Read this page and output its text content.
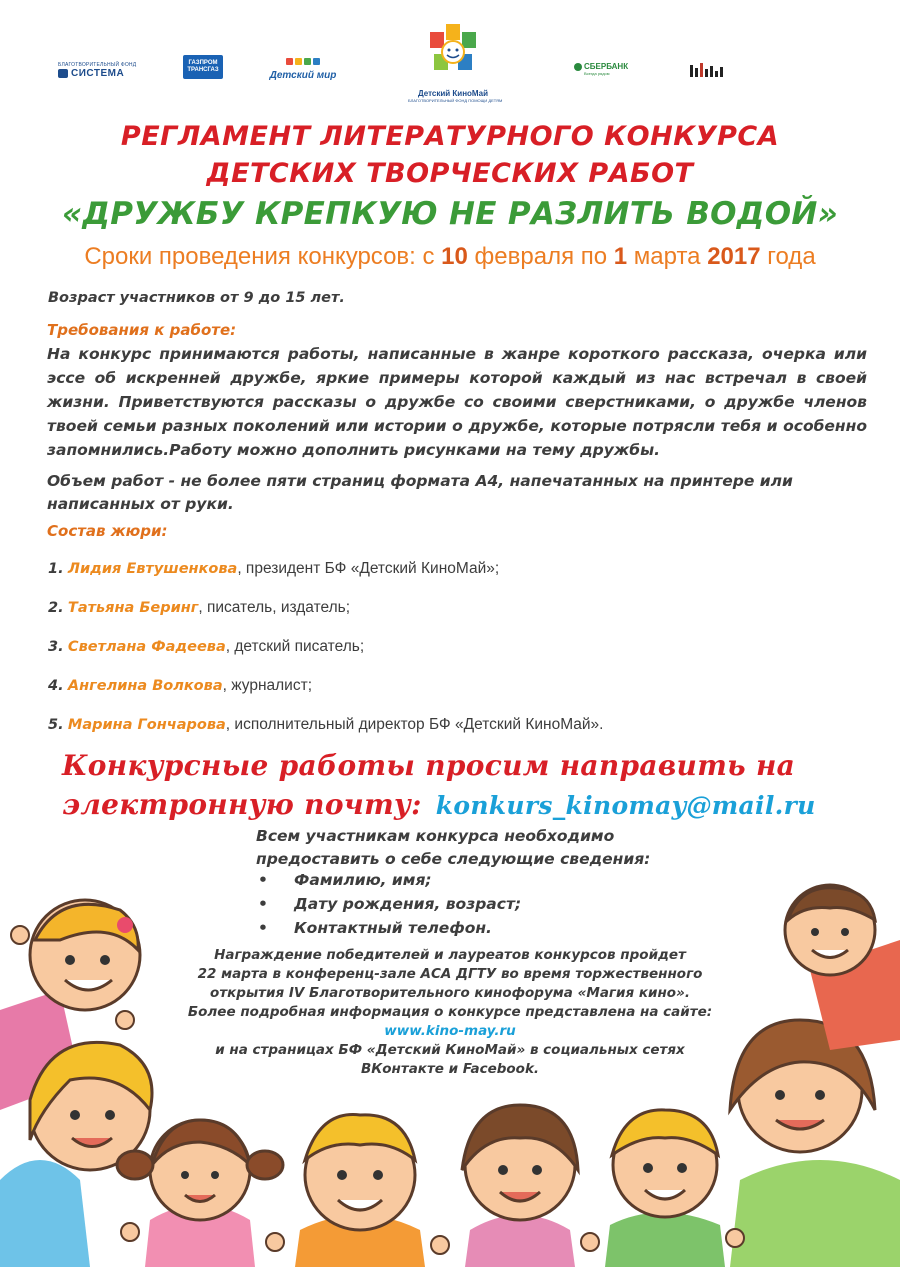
БЛАГОТВОРИТЕЛЬНЫЙ ФОНД
СИСТЕМА
ГАЗПРОМ
ТРАНСГАЗ	Детский мир
Детский КиноМай
БЛАГОТВОРИТЕЛЬНЫЙ ФОНД ПОМОЩИ ДЕТЯМ
СБЕРБАНК
Всегда рядом
РЕГЛАМЕНТ ЛИТЕРАТУРНОГО КОНКУРСА
ДЕТСКИХ ТВОРЧЕСКИХ РАБОТ
«ДРУЖБУ КРЕПКУЮ НЕ РАЗЛИТЬ ВОДОЙ»
Сроки проведения конкурсов: с 10 февраля по 1 марта 2017 года
Возраст участников от 9 до 15 лет.
Требования к работе:
На конкурс принимаются работы, написанные в жанре короткого рассказа, очерка или эссе об искренней дружбе, яркие примеры которой каждый из нас встречал в своей жизни. Приветствуются рассказы о дружбе со своими сверстниками, о дружбе членов твоей семьи разных поколений или истории о дружбе, которые потрясли тебя и особенно запомнились.Работу можно дополнить рисунками на тему дружбы.
Объем работ - не более пяти страниц формата А4, напечатанных на принтере или написанных от руки.
Состав жюри:
1. Лидия Евтушенкова, президент БФ «Детский КиноМай»;
2. Татьяна Беринг, писатель, издатель;
3. Светлана Фадеева, детский писатель;
4. Ангелина Волкова, журналист;
5. Марина Гончарова, исполнительный директор БФ «Детский КиноМай».
Конкурсные работы просим направить на
электронную почту: konkurs_kinomay@mail.ru
Всем участникам конкурса необходимо
предоставить о себе следующие сведения:
• Фамилию, имя;
• Дату рождения, возраст;
• Контактный телефон.
Награждение победителей и лауреатов конкурсов пройдет
22 марта в конференц-зале АСА ДГТУ во время торжественного
открытия IV Благотворительного кинофорума «Магия кино».
Более подробная информация о конкурсе представлена на сайте:
www.kino-may.ru
и на страницах БФ «Детский КиноМай» в социальных сетях
ВКонтакте и Facebook.
